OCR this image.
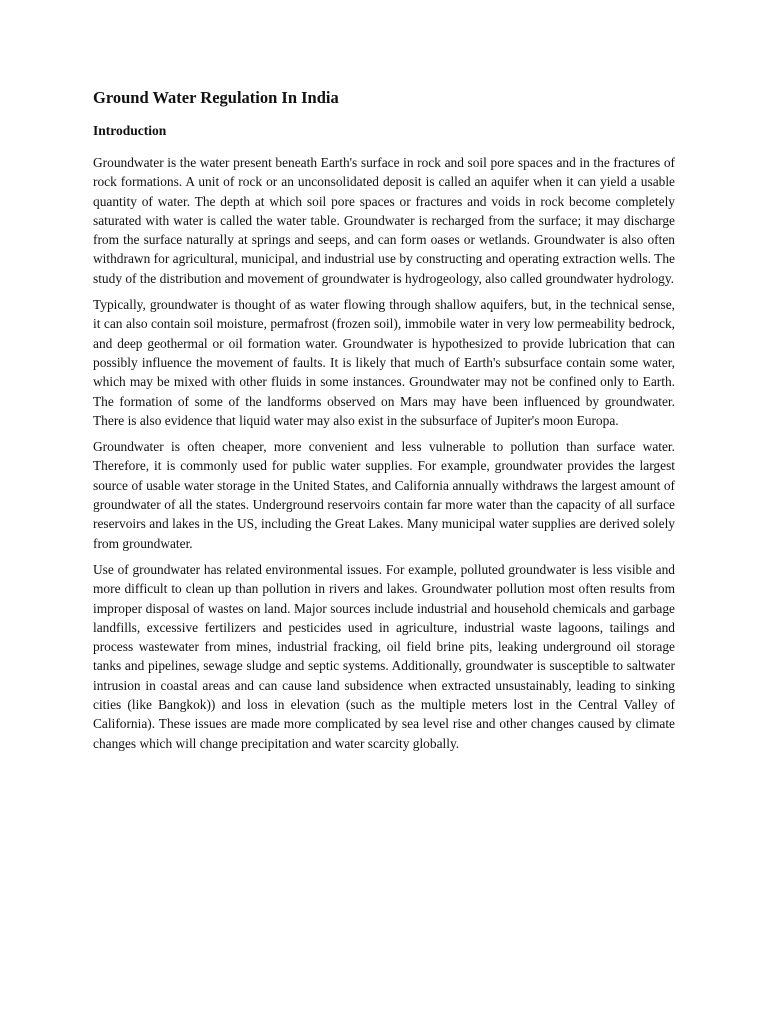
Ground Water Regulation In India
Introduction

Groundwater is the water present beneath Earth's surface in rock and soil pore spaces and in the fractures of rock formations. A unit of rock or an unconsolidated deposit is called an aquifer when it can yield a usable quantity of water. The depth at which soil pore spaces or fractures and voids in rock become completely saturated with water is called the water table. Groundwater is recharged from the surface; it may discharge from the surface naturally at springs and seeps, and can form oases or wetlands. Groundwater is also often withdrawn for agricultural, municipal, and industrial use by constructing and operating extraction wells. The study of the distribution and movement of groundwater is hydrogeology, also called groundwater hydrology.

Typically, groundwater is thought of as water flowing through shallow aquifers, but, in the technical sense, it can also contain soil moisture, permafrost (frozen soil), immobile water in very low permeability bedrock, and deep geothermal or oil formation water. Groundwater is hypothesized to provide lubrication that can possibly influence the movement of faults. It is likely that much of Earth's subsurface contain some water, which may be mixed with other fluids in some instances. Groundwater may not be confined only to Earth. The formation of some of the landforms observed on Mars may have been influenced by groundwater. There is also evidence that liquid water may also exist in the subsurface of Jupiter's moon Europa.

Groundwater is often cheaper, more convenient and less vulnerable to pollution than surface water. Therefore, it is commonly used for public water supplies. For example, groundwater provides the largest source of usable water storage in the United States, and California annually withdraws the largest amount of groundwater of all the states. Underground reservoirs contain far more water than the capacity of all surface reservoirs and lakes in the US, including the Great Lakes. Many municipal water supplies are derived solely from groundwater.

Use of groundwater has related environmental issues. For example, polluted groundwater is less visible and more difficult to clean up than pollution in rivers and lakes. Groundwater pollution most often results from improper disposal of wastes on land. Major sources include industrial and household chemicals and garbage landfills, excessive fertilizers and pesticides used in agriculture, industrial waste lagoons, tailings and process wastewater from mines, industrial fracking, oil field brine pits, leaking underground oil storage tanks and pipelines, sewage sludge and septic systems. Additionally, groundwater is susceptible to saltwater intrusion in coastal areas and can cause land subsidence when extracted unsustainably, leading to sinking cities (like Bangkok)) and loss in elevation (such as the multiple meters lost in the Central Valley of California). These issues are made more complicated by sea level rise and other changes caused by climate changes which will change precipitation and water scarcity globally.
